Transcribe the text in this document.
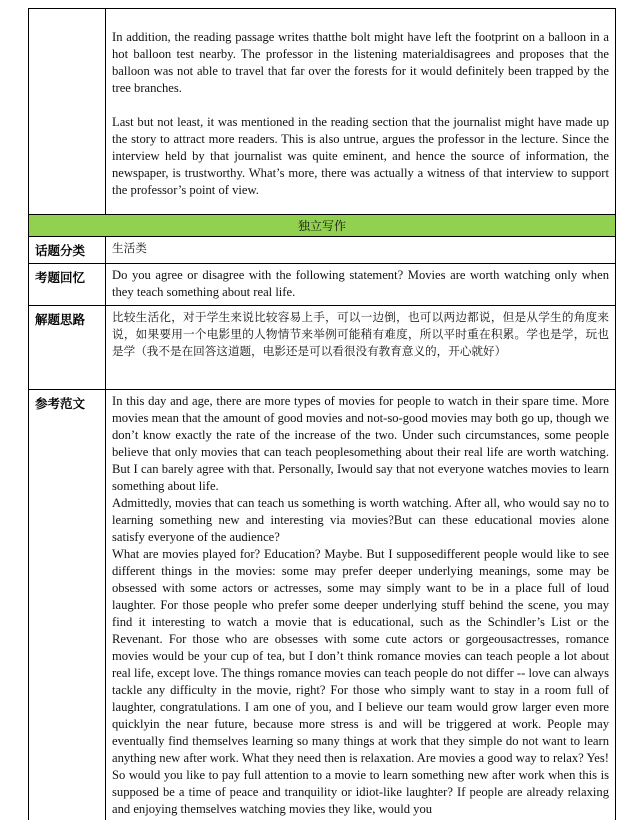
	In addition, the reading passage writes thatthe bolt might have left the footprint on a balloon in a hot balloon test nearby. The professor in the listening materialdisagrees and proposes that the balloon was not able to travel that far over the forests for it would definitely been trapped by the tree branches.

Last but not least, it was mentioned in the reading section that the journalist might have made up the story to attract more readers. This is also untrue, argues the professor in the lecture. Since the interview held by that journalist was quite eminent, and hence the source of information, the newspaper, is trustworthy. What’s more, there was actually a witness of that interview to support the professor’s point of view.

独立写作	
话题分类	生活类
考题回忆	Do you agree or disagree with the following statement? Movies are worth watching only when they teach something about real life.
解题思路	比较生活化，对于学生来说比较容易上手，可以一边倒，也可以两边都说，但是从学生的角度来说，如果要用一个电影里的人物情节来举例可能稍有难度，所以平时重在积累。学也是学，玩也是学（我不是在回答这道题，电影还是可以看很没有教育意义的，开心就好）
参考范文	In this day and age, there are more types of movies for people to watch in their spare time. More movies mean that the amount of good movies and not-so-good movies may both go up, though we don’t know exactly the rate of the increase of the two. Under such circumstances, some people believe that only movies that can teach peoplesomething about their real life are worth watching. But I can barely agree with that. Personally, Iwould say that not everyone watches movies to learn something about life.

Admittedly, movies that can teach us something is worth watching. After all, who would say no to learning something new and interesting via movies?But can these educational movies alone satisfy everyone of the audience?

What are movies played for? Education? Maybe. But I supposedifferent people would like to see different things in the movies: some may prefer deeper underlying meanings, some may be obsessed with some actors or actresses, some may simply want to be in a place full of loud laughter. For those people who prefer some deeper underlying stuff behind the scene, you may find it interesting to watch a movie that is educational, such as the Schindler’s List or the Revenant. For those who are obsesses with some cute actors or gorgeousactresses, romance movies would be your cup of tea, but I don’t think romance movies can teach people a lot about real life, except love. The things romance movies can teach people do not differ -- love can always tackle any difficulty in the movie, right? For those who simply want to stay in a room full of laughter, congratulations. I am one of you, and I believe our team would grow larger even more quicklyin the near future, because more stress is and will be triggered at work. People may eventually find themselves learning so many things at work that they simple do not want to learn anything new after work. What they need then is relaxation. Are movies a good way to relax? Yes! So would you like to pay full attention to a movie to learn something new after work when this is supposed be a time of peace and tranquility or idiot-like laughter? If people are already relaxing and enjoying themselves watching movies they like, would you
